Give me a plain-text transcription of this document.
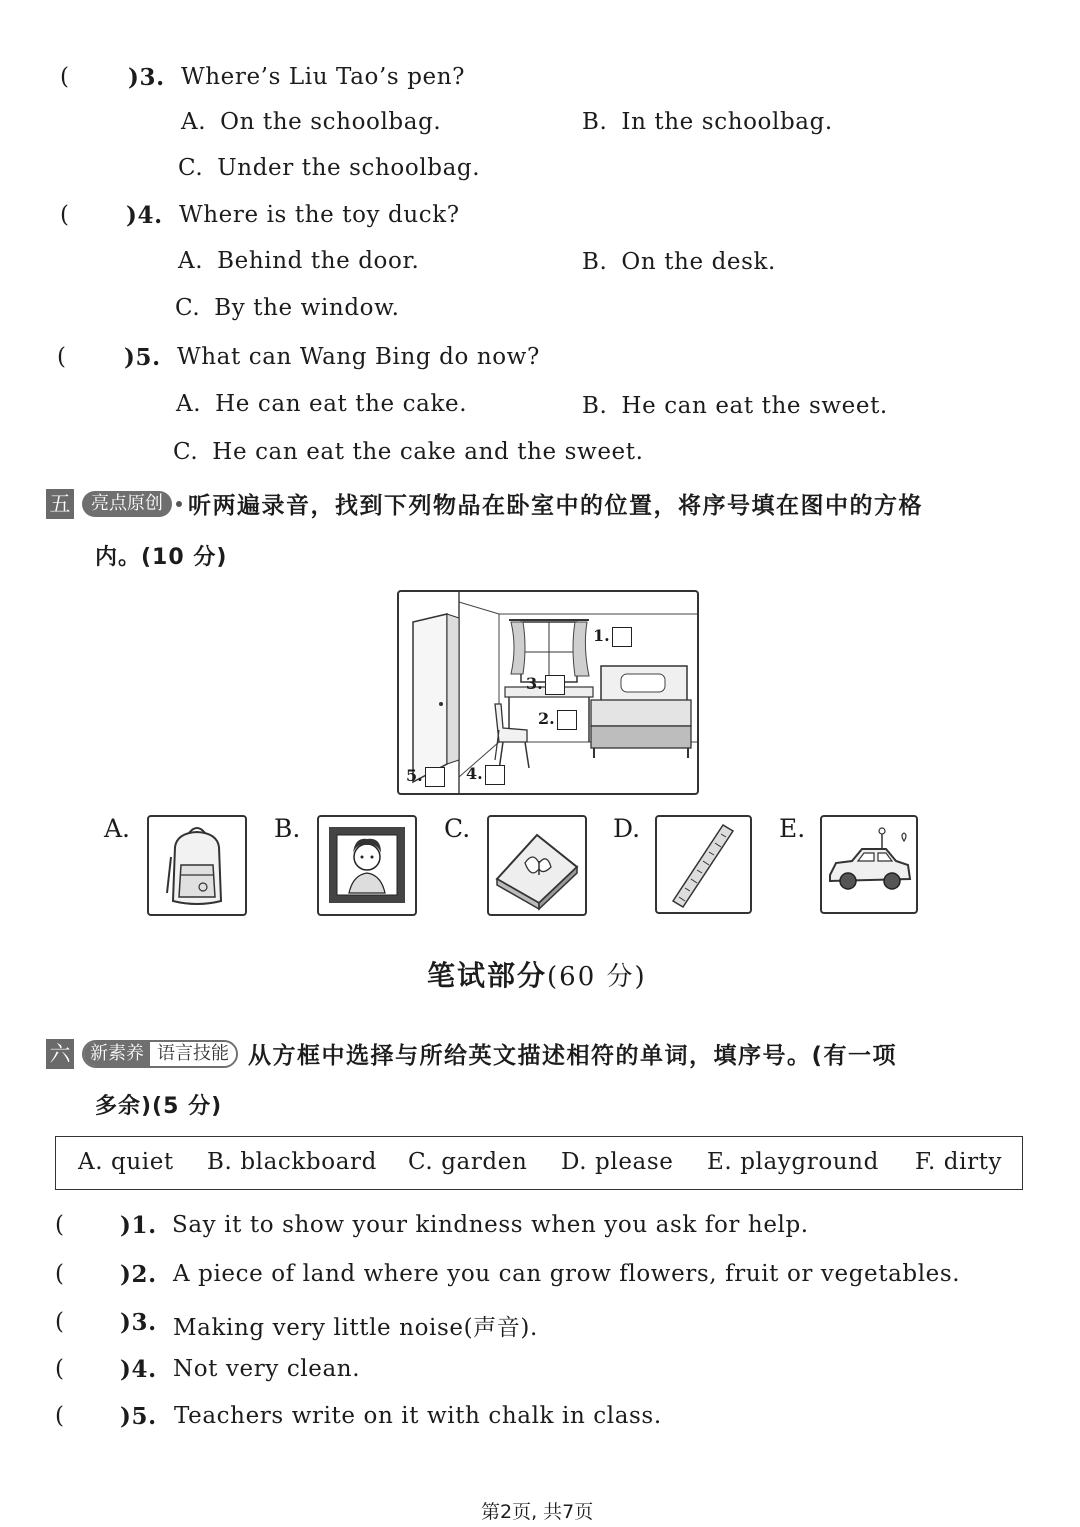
(	)3. Where’s Liu Tao’s pen?
A. On the schoolbag.	B. In the schoolbag.
C. Under the schoolbag.
( )4. Where is the toy duck?
A. Behind the door.	B. On the desk.
C. By the window.
(	)5. What can Wang Bing do now?
A. He can eat the cake.	B. He can eat the sweet.
C. He can eat the cake and the sweet.
五 亮点原创 听两遍录音，找到下列物品在卧室中的位置，将序号填在图中的方格
内。(10 分)
1.
3.
2.
4.
5.
A.	B.	C.	D.	E.
笔试部分(60 分)
六	新素养 语言技能 从方框中选择与所给英文描述相符的单词，填序号。(有一项
多余)(5 分)
A. quiet B. blackboard C. garden D. please E. playground F. dirty
( )1. Say it to show your kindness when you ask for help.
( )2. A piece of land where you can grow flowers, fruit or vegetables.
( )3. Making very little noise(声音).
( )4. Not very clean.
( )5. Teachers write on it with chalk in class.
第2页, 共7页
